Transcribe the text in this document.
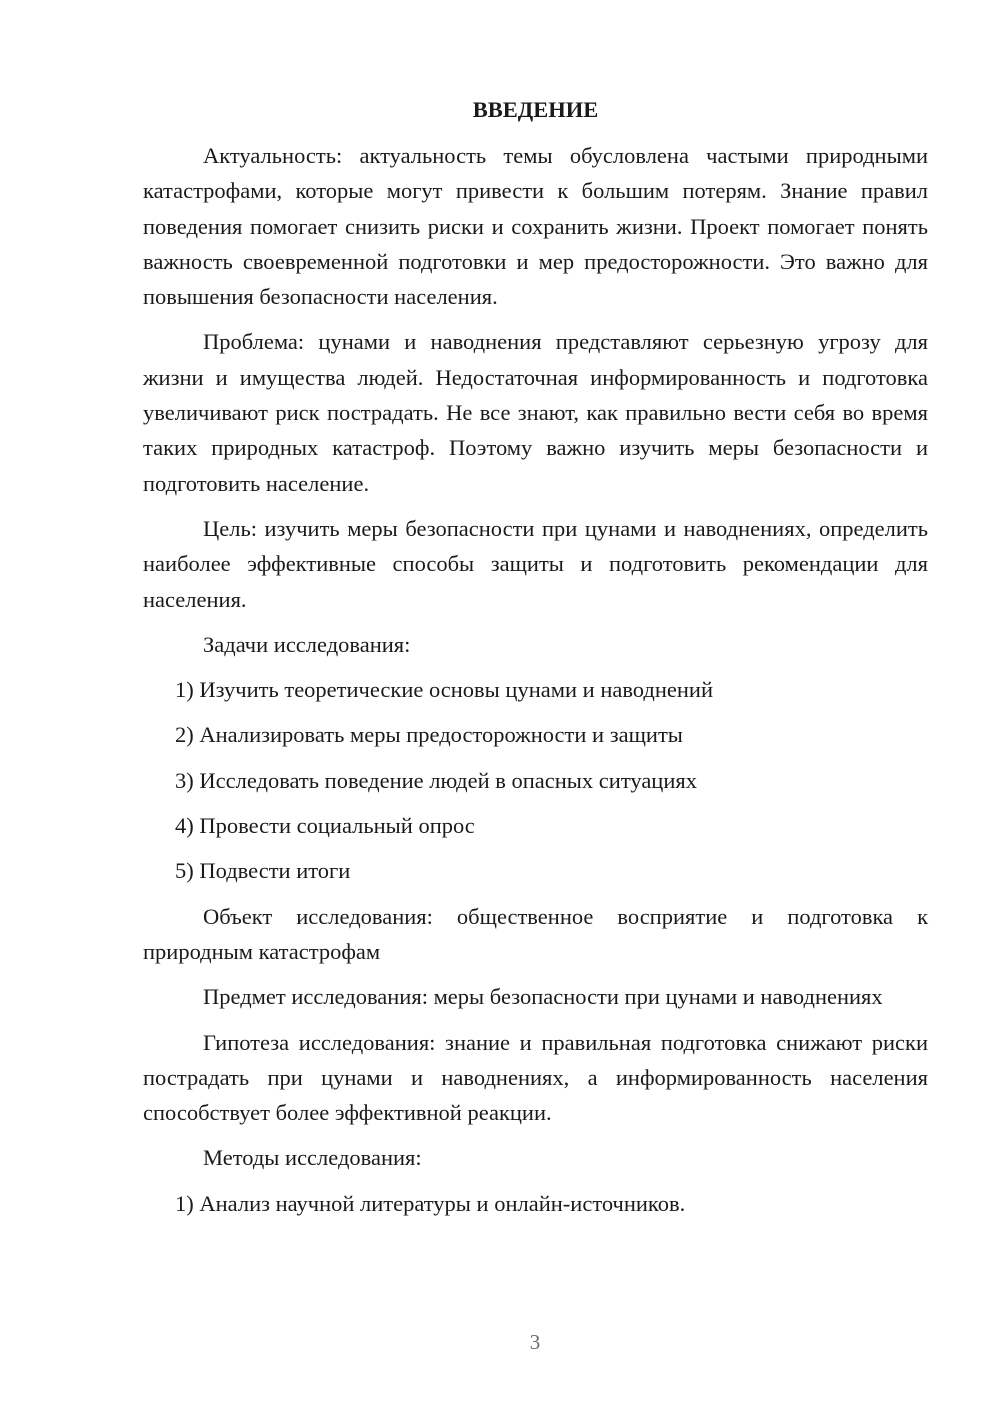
ВВЕДЕНИЕ

Актуальность: актуальность темы обусловлена частыми природными катастрофами, которые могут привести к большим потерям. Знание правил поведения помогает снизить риски и сохранить жизни. Проект помогает понять важность своевременной подготовки и мер предосторожности. Это важно для повышения безопасности населения.

Проблема: цунами и наводнения представляют серьезную угрозу для жизни и имущества людей. Недостаточная информированность и подготовка увеличивают риск пострадать. Не все знают, как правильно вести себя во время таких природных катастроф. Поэтому важно изучить меры безопасности и подготовить население.

Цель: изучить меры безопасности при цунами и наводнениях, определить наиболее эффективные способы защиты и подготовить рекомендации для населения.

Задачи исследования:

1) Изучить теоретические основы цунами и наводнений

2) Анализировать меры предосторожности и защиты

3) Исследовать поведение людей в опасных ситуациях

4) Провести социальный опрос

5) Подвести итоги

Объект исследования: общественное восприятие и подготовка к природным катастрофам

Предмет исследования: меры безопасности при цунами и наводнениях

Гипотеза исследования: знание и правильная подготовка снижают риски пострадать при цунами и наводнениях, а информированность населения способствует более эффективной реакции.

Методы исследования:

1) Анализ научной литературы и онлайн-источников.

3
